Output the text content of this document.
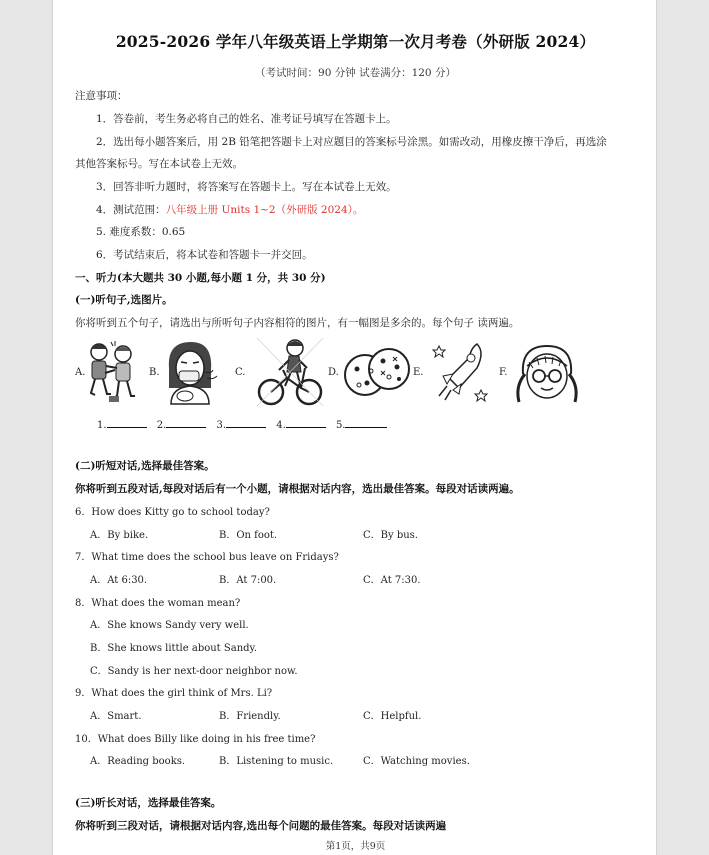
2025-2026 学年八年级英语上学期第一次月考卷（外研版 2024）
（考试时间：90 分钟 试卷满分：120 分）
注意事项：
1．答卷前，考生务必将自己的姓名、准考证号填写在答题卡上。
2．选出每小题答案后，用 2B 铅笔把答题卡上对应题目的答案标号涂黑。如需改动，用橡皮擦干净后，再选涂
其他答案标号。写在本试卷上无效。
3．回答非听力题时，将答案写在答题卡上。写在本试卷上无效。
4．测试范围：八年级上册 Units 1~2（外研版 2024）。
5. 难度系数：0.65
6．考试结束后，将本试卷和答题卡一并交回。
一、听力(本大题共 30 小题,每小题 1 分，共 30 分)
(一)听句子,选图片。
你将听到五个句子，请选出与所听句子内容相符的图片，有一幅图是多余的。每个句子 读两遍。
A.	B.	C.	D.	E.	F.
1.	2.	3.	4.	5.
(二)听短对话,选择最佳答案。
你将听到五段对话,每段对话后有一个小题，请根据对话内容，选出最佳答案。每段对话读两遍。
6．How does Kitty go to school today?
A．By bike.	B．On foot.	C．By bus.
7．What time does the school bus leave on Fridays?
A．At 6:30.	B．At 7:00.	C．At 7:30.
8．What does the woman mean?
A．She knows Sandy very well.
B．She knows little about Sandy.
C．Sandy is her next-door neighbor now.
9．What does the girl think of Mrs. Li?
A．Smart.	B．Friendly.	C．Helpful.
10．What does Billy like doing in his free time?
A．Reading books.	B．Listening to music.	C．Watching movies.
(三)听长对话，选择最佳答案。
你将听到三段对话，请根据对话内容,选出每个问题的最佳答案。每段对话读两遍
第1页，共9页
